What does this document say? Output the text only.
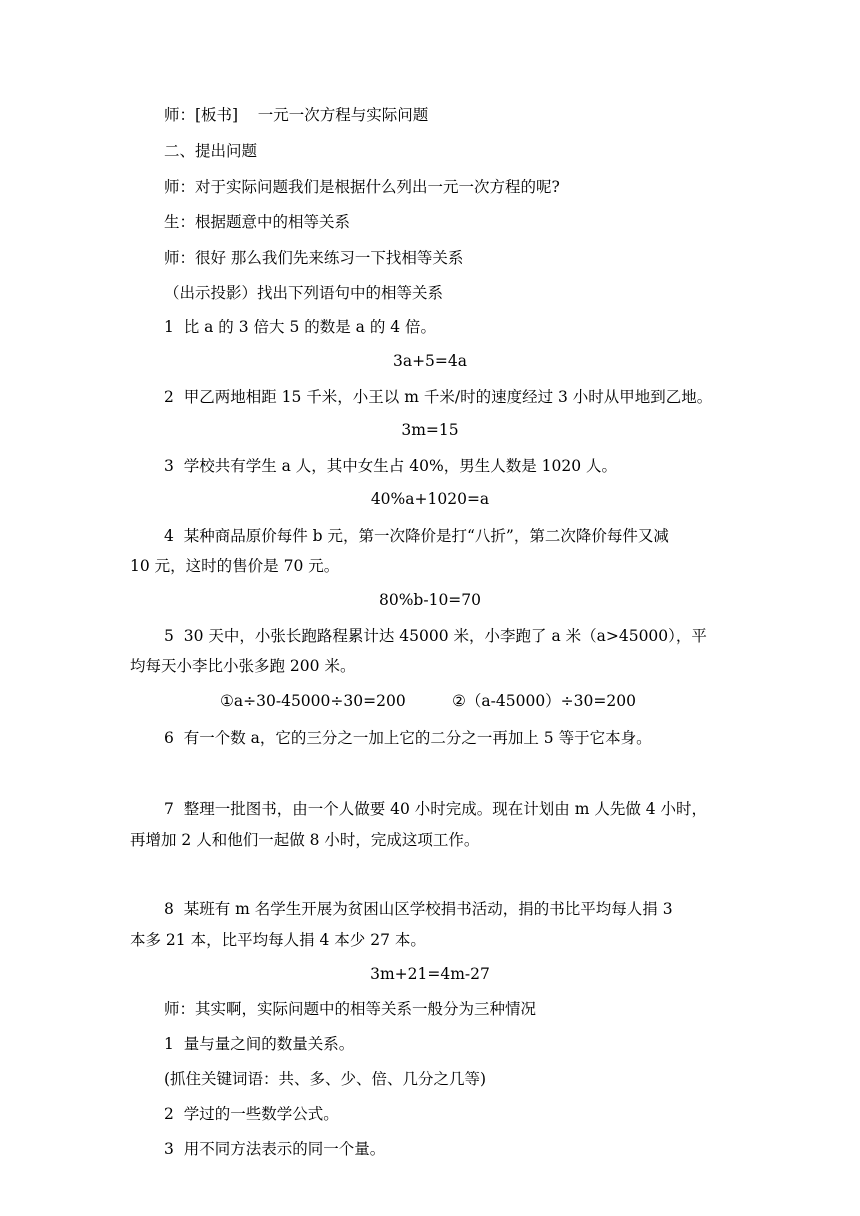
师：[板书]    一元一次方程与实际问题
二、提出问题
师：对于实际问题我们是根据什么列出一元一次方程的呢?
生：根据题意中的相等关系
师：很好 那么我们先来练习一下找相等关系
（出示投影）找出下列语句中的相等关系
1  比 a 的 3 倍大 5 的数是 a 的 4 倍。
3a+5=4a
2  甲乙两地相距 15 千米，小王以 m 千米/时的速度经过 3 小时从甲地到乙地。
3m=15
3  学校共有学生 a 人，其中女生占 40%，男生人数是 1020 人。
40%a+1020=a
4  某种商品原价每件 b 元，第一次降价是打“八折”，第二次降价每件又减
10 元，这时的售价是 70 元。
80%b-10=70
5  30 天中，小张长跑路程累计达 45000 米，小李跑了 a 米（a>45000），平
均每天小李比小张多跑 200 米。
①a÷30-45000÷30=200	②（a-45000）÷30=200
6  有一个数 a，它的三分之一加上它的二分之一再加上 5 等于它本身。
7  整理一批图书，由一个人做要 40 小时完成。现在计划由 m 人先做 4 小时，
再增加 2 人和他们一起做 8 小时，完成这项工作。
8  某班有 m 名学生开展为贫困山区学校捐书活动，捐的书比平均每人捐 3
本多 21 本，比平均每人捐 4 本少 27 本。
3m+21=4m-27
师：其实啊，实际问题中的相等关系一般分为三种情况
1  量与量之间的数量关系。
(抓住关键词语：共、多、少、倍、几分之几等)
2  学过的一些数学公式。
3  用不同方法表示的同一个量。
